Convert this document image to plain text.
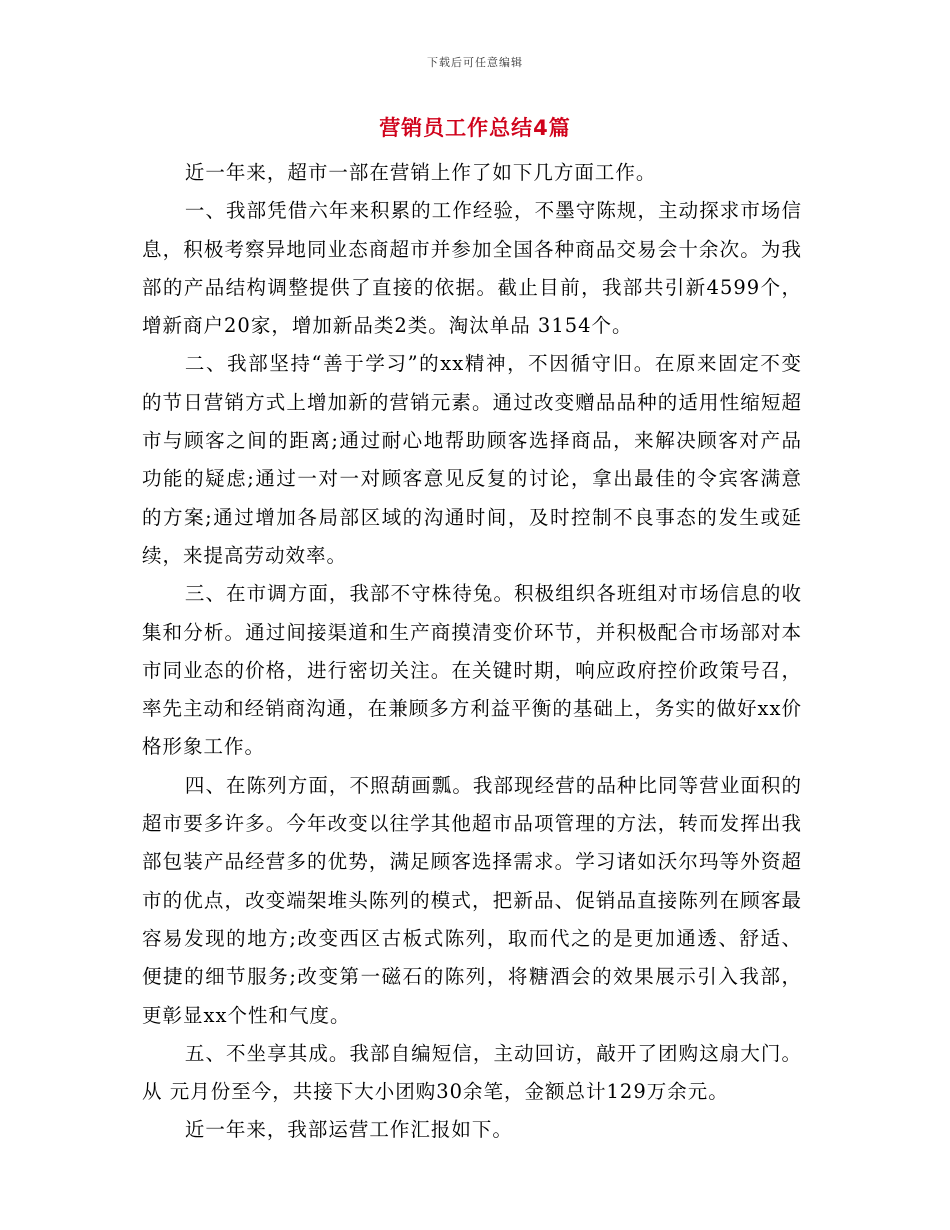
下载后可任意编辑
营销员工作总结4篇

近一年来，超市一部在营销上作了如下几方面工作。

一、我部凭借六年来积累的工作经验，不墨守陈规，主动探求市场信息，积极考察异地同业态商超市并参加全国各种商品交易会十余次。为我部的产品结构调整提供了直接的依据。截止目前，我部共引新4599个，增新商户20家，增加新品类2类。淘汰单品 3154个。

二、我部坚持“善于学习”的xx精神，不因循守旧。在原来固定不变的节日营销方式上增加新的营销元素。通过改变赠品品种的适用性缩短超市与顾客之间的距离;通过耐心地帮助顾客选择商品，来解决顾客对产品功能的疑虑;通过一对一对顾客意见反复的讨论，拿出最佳的令宾客满意的方案;通过增加各局部区域的沟通时间，及时控制不良事态的发生或延续，来提高劳动效率。

三、在市调方面，我部不守株待兔。积极组织各班组对市场信息的收集和分析。通过间接渠道和生产商摸清变价环节，并积极配合市场部对本市同业态的价格，进行密切关注。在关键时期，响应政府控价政策号召，率先主动和经销商沟通，在兼顾多方利益平衡的基础上，务实的做好xx价格形象工作。

四、在陈列方面，不照葫画瓢。我部现经营的品种比同等营业面积的超市要多许多。今年改变以往学其他超市品项管理的方法，转而发挥出我部包装产品经营多的优势，满足顾客选择需求。学习诸如沃尔玛等外资超市的优点，改变端架堆头陈列的模式，把新品、促销品直接陈列在顾客最容易发现的地方;改变西区古板式陈列，取而代之的是更加通透、舒适、便捷的细节服务;改变第一磁石的陈列，将糖酒会的效果展示引入我部，更彰显xx个性和气度。

五、不坐享其成。我部自编短信，主动回访，敲开了团购这扇大门。从 元月份至今，共接下大小团购30余笔，金额总计129万余元。

近一年来，我部运营工作汇报如下。
